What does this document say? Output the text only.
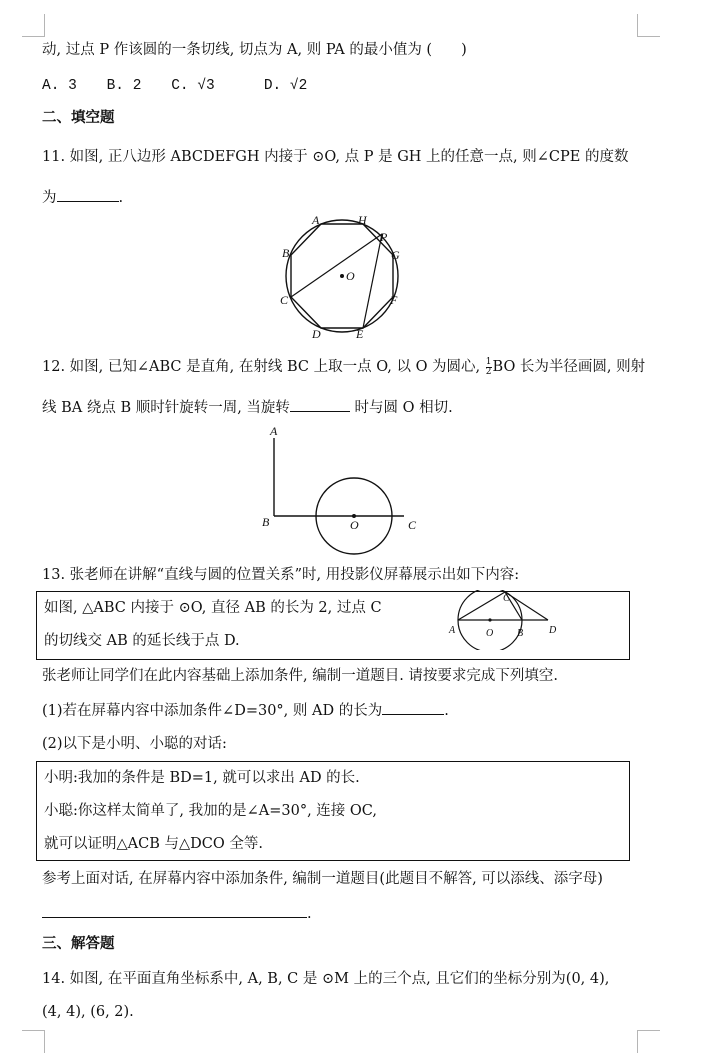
动, 过点 P 作该圆的一条切线, 切点为 A, 则 PA 的最小值为 (　　)
A. 3 B. 2 C. √3	D. √2
二、填空题
11. 如图, 正八边形 ABCDEFGH 内接于 ⊙O, 点 P 是 GH 上的任意一点, 则∠CPE 的度数
为	.
A	H
P
B	G
O
C	F
D	E
12. 如图, 已知∠ABC 是直角, 在射线 BC 上取一点 O, 以 O 为圆心, $\frac{1}{2}$ BO 长为半径画圆, 则射
线 BA 绕点 B 顺时针旋转一周, 当旋转	时与圆 O 相切.
A
B	O	C
13. 张老师在讲解“直线与圆的位置关系”时, 用投影仪屏幕展示出如下内容:
如图, △ABC 内接于 ⊙O, 直径 AB 的长为 2, 过点 C
的切线交 AB 的延长线于点 D.
C
A	O B	D
张老师让同学们在此内容基础上添加条件, 编制一道题目. 请按要求完成下列填空.
(1)若在屏幕内容中添加条件∠D=30°, 则 AD 的长为	.
(2)以下是小明、小聪的对话:
小明:我加的条件是 BD=1, 就可以求出 AD 的长.
小聪:你这样太简单了, 我加的是∠A=30°, 连接 OC,
就可以证明△ACB 与△DCO 全等.
参考上面对话, 在屏幕内容中添加条件, 编制一道题目(此题目不解答, 可以添线、添字母)
.
三、解答题
14. 如图, 在平面直角坐标系中, A, B, C 是 ⊙M 上的三个点, 且它们的坐标分别为(0, 4),
(4, 4), (6, 2).
